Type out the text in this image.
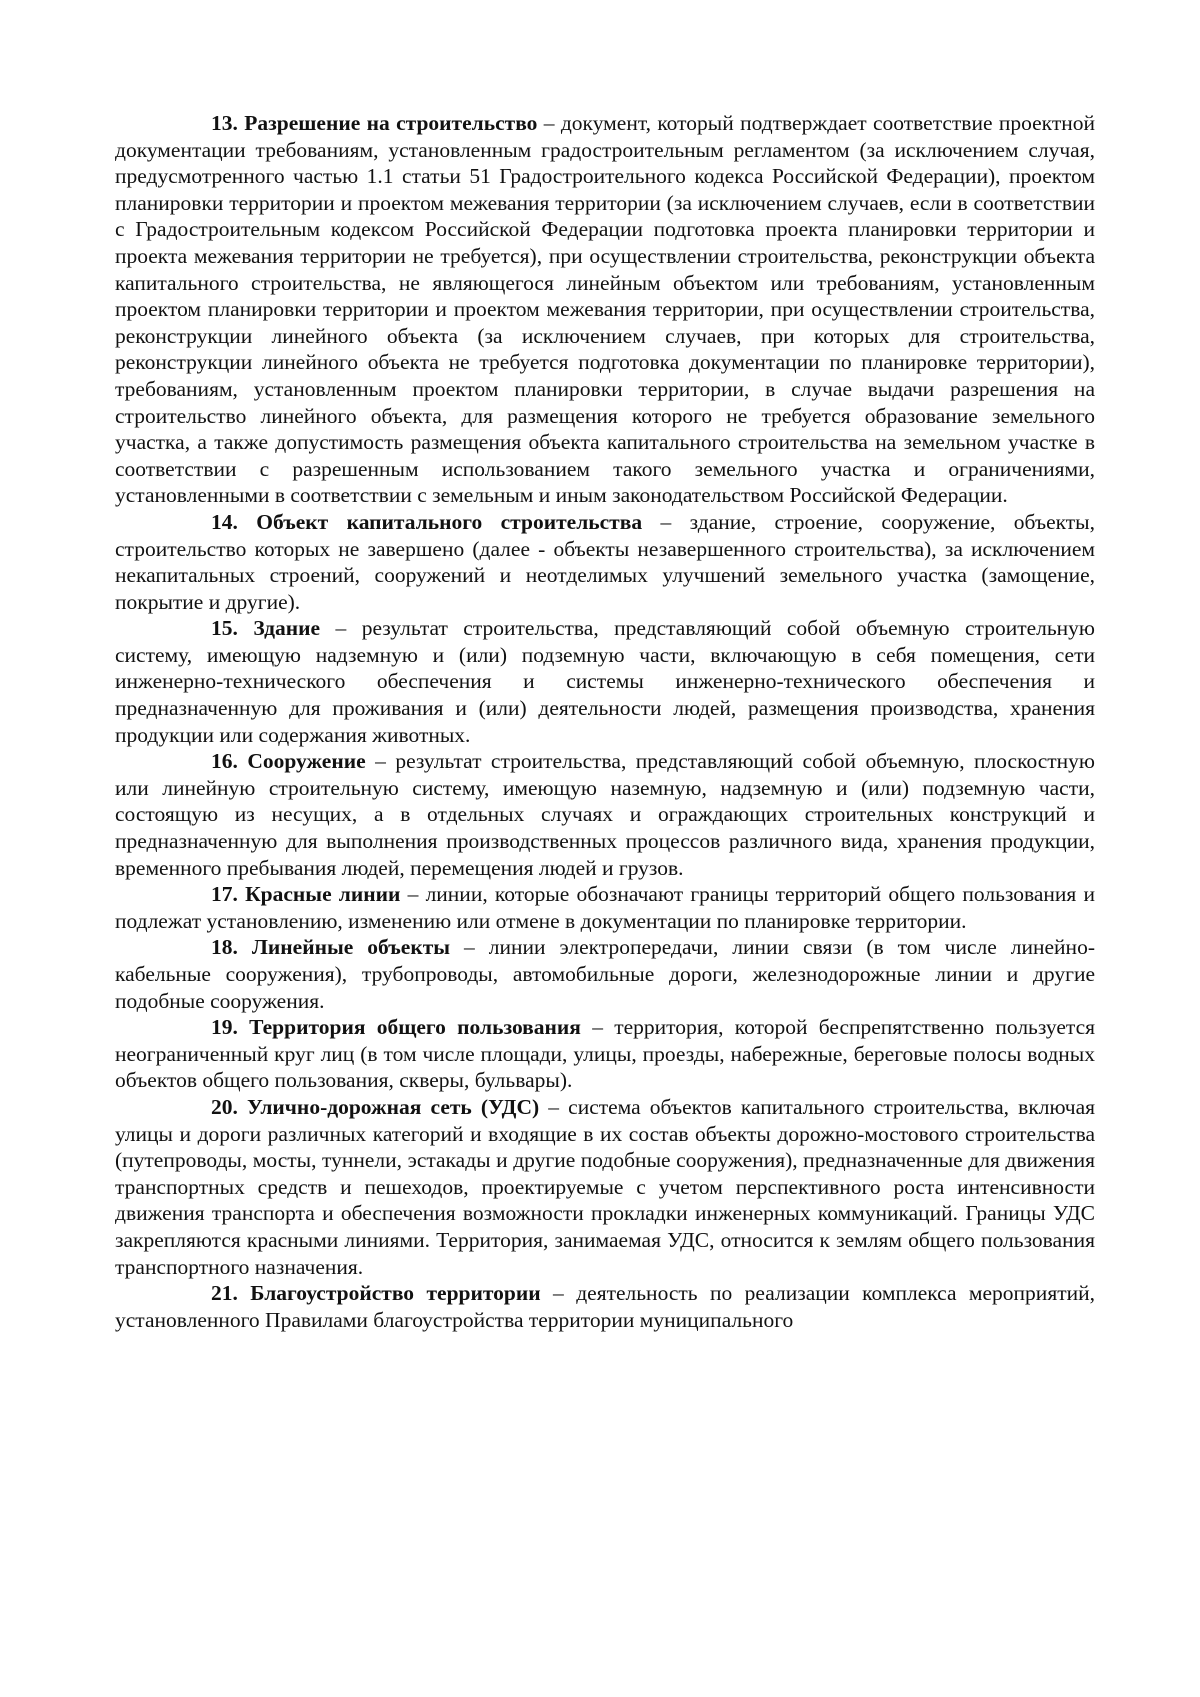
13. Разрешение на строительство – документ, который подтверждает соответствие проектной документации требованиям, установленным градостроительным регламентом (за исключением случая, предусмотренного частью 1.1 статьи 51 Градостроительного кодекса Российской Федерации), проектом планировки территории и проектом межевания территории (за исключением случаев, если в соответствии с Градостроительным кодексом Российской Федерации подготовка проекта планировки территории и проекта межевания территории не требуется), при осуществлении строительства, реконструкции объекта капитального строительства, не являющегося линейным объектом или требованиям, установленным проектом планировки территории и проектом межевания территории, при осуществлении строительства, реконструкции линейного объекта (за исключением случаев, при которых для строительства, реконструкции линейного объекта не требуется подготовка документации по планировке территории), требованиям, установленным проектом планировки территории, в случае выдачи разрешения на строительство линейного объекта, для размещения которого не требуется образование земельного участка, а также допустимость размещения объекта капитального строительства на земельном участке в соответствии с разрешенным использованием такого земельного участка и ограничениями, установленными в соответствии с земельным и иным законодательством Российской Федерации.

14. Объект капитального строительства – здание, строение, сооружение, объекты, строительство которых не завершено (далее - объекты незавершенного строительства), за исключением некапитальных строений, сооружений и неотделимых улучшений земельного участка (замощение, покрытие и другие).

15. Здание – результат строительства, представляющий собой объемную строительную систему, имеющую надземную и (или) подземную части, включающую в себя помещения, сети инженерно-технического обеспечения и системы инженерно-технического обеспечения и предназначенную для проживания и (или) деятельности людей, размещения производства, хранения продукции или содержания животных.

16. Сооружение – результат строительства, представляющий собой объемную, плоскостную или линейную строительную систему, имеющую наземную, надземную и (или) подземную части, состоящую из несущих, а в отдельных случаях и ограждающих строительных конструкций и предназначенную для выполнения производственных процессов различного вида, хранения продукции, временного пребывания людей, перемещения людей и грузов.

17. Красные линии – линии, которые обозначают границы территорий общего пользования и подлежат установлению, изменению или отмене в документации по планировке территории.

18. Линейные объекты – линии электропередачи, линии связи (в том числе линейно-кабельные сооружения), трубопроводы, автомобильные дороги, железнодорожные линии и другие подобные сооружения.

19. Территория общего пользования – территория, которой беспрепятственно пользуется неограниченный круг лиц (в том числе площади, улицы, проезды, набережные, береговые полосы водных объектов общего пользования, скверы, бульвары).

20. Улично-дорожная сеть (УДС) – система объектов капитального строительства, включая улицы и дороги различных категорий и входящие в их состав объекты дорожно-мостового строительства (путепроводы, мосты, туннели, эстакады и другие подобные сооружения), предназначенные для движения транспортных средств и пешеходов, проектируемые с учетом перспективного роста интенсивности движения транспорта и обеспечения возможности прокладки инженерных коммуникаций. Границы УДС закрепляются красными линиями. Территория, занимаемая УДС, относится к землям общего пользования транспортного назначения.

21. Благоустройство территории – деятельность по реализации комплекса мероприятий, установленного Правилами благоустройства территории муниципального
